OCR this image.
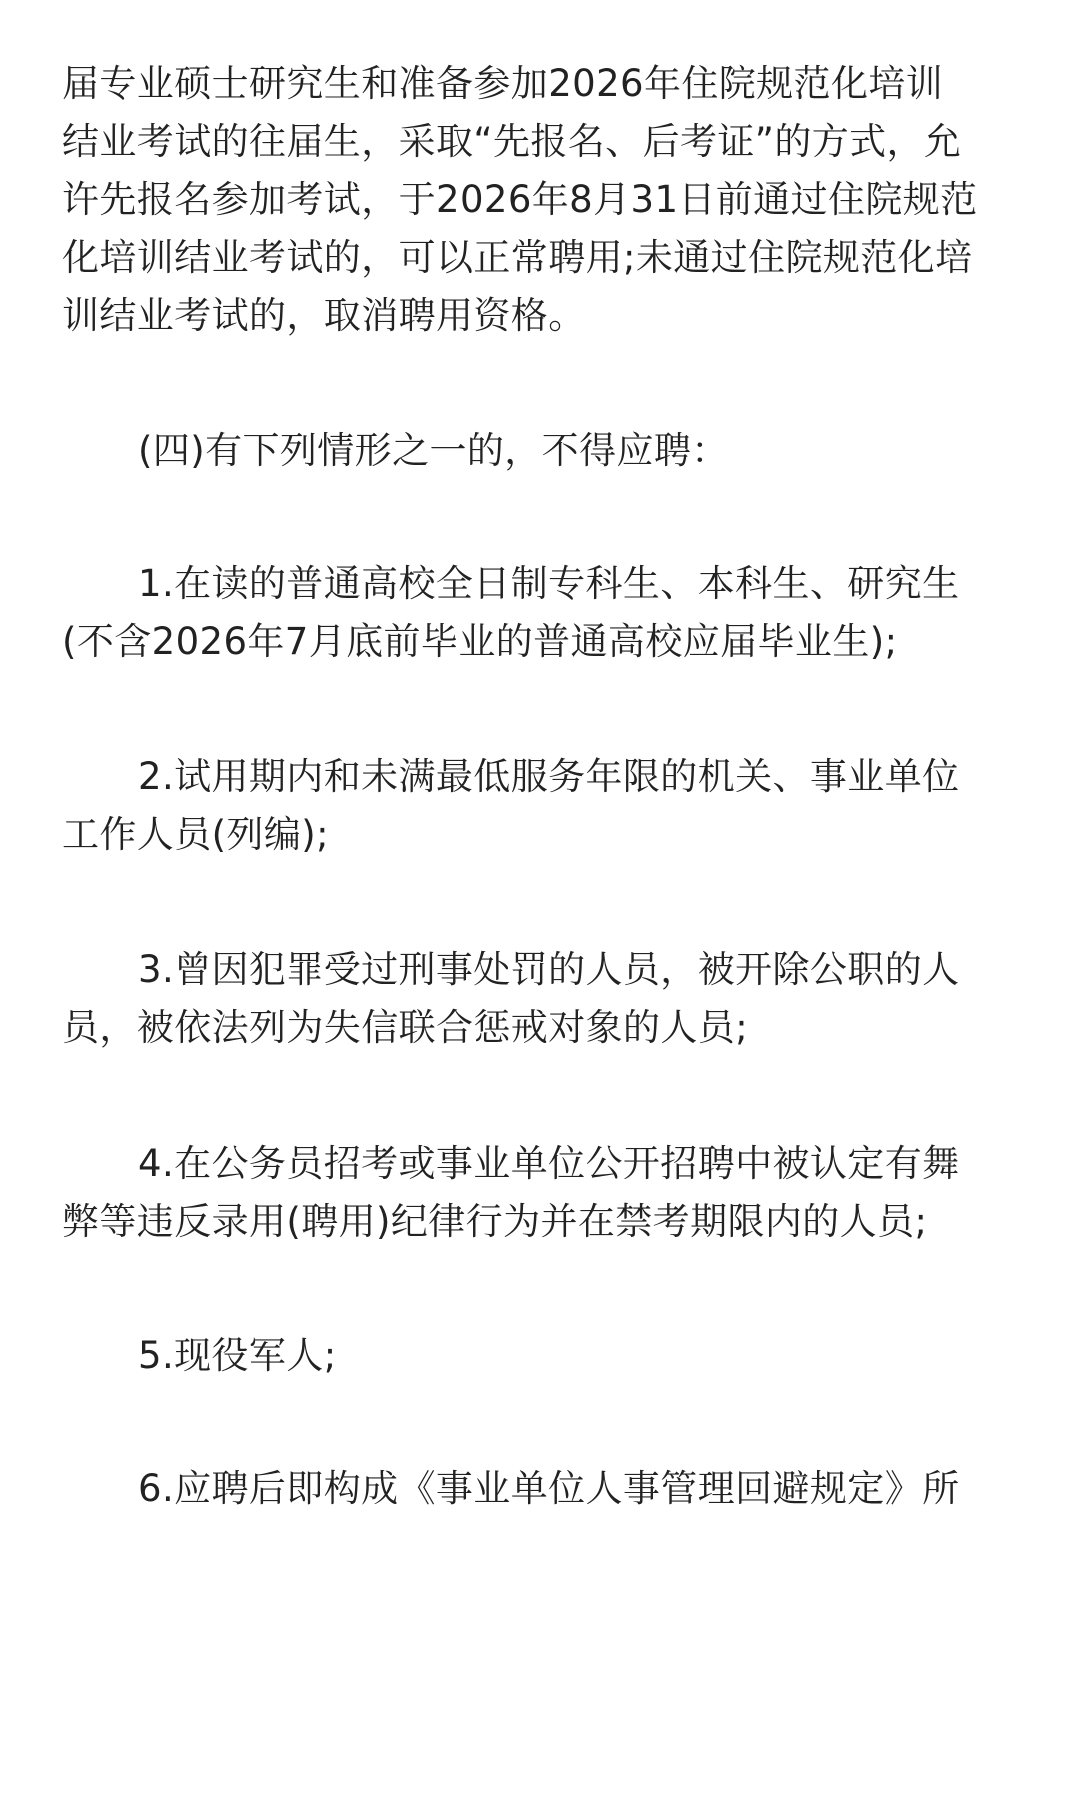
届专业硕士研究生和准备参加2026年住院规范化培训
结业考试的往届生，采取“先报名、后考证”的方式，允
许先报名参加考试，于2026年8月31日前通过住院规范
化培训结业考试的，可以正常聘用;未通过住院规范化培
训结业考试的，取消聘用资格。

(四)有下列情形之一的，不得应聘：

1.在读的普通高校全日制专科生、本科生、研究生
(不含2026年7月底前毕业的普通高校应届毕业生);

2.试用期内和未满最低服务年限的机关、事业单位
工作人员(列编);

3.曾因犯罪受过刑事处罚的人员，被开除公职的人
员，被依法列为失信联合惩戒对象的人员;

4.在公务员招考或事业单位公开招聘中被认定有舞
弊等违反录用(聘用)纪律行为并在禁考期限内的人员;

5.现役军人;

6.应聘后即构成《事业单位人事管理回避规定》所
